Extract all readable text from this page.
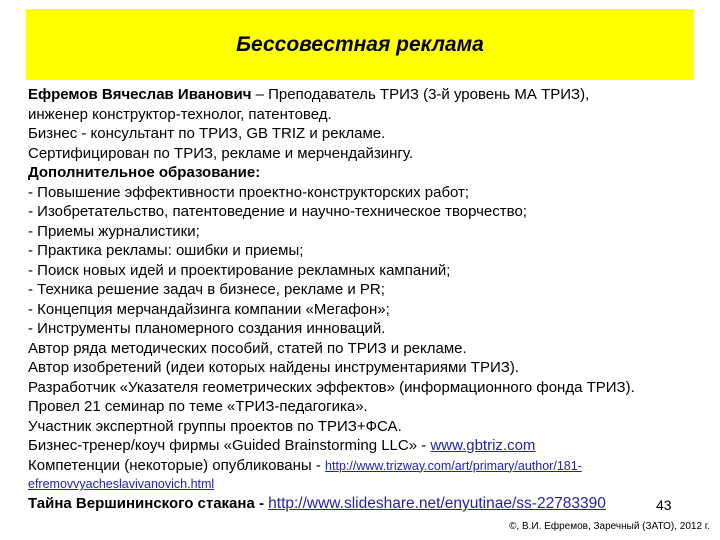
Бессовестная реклама
Ефремов Вячеслав Иванович – Преподаватель ТРИЗ (3-й уровень МА ТРИЗ),
инженер конструктор-технолог, патентовед.
Бизнес - консультант по ТРИЗ, GB TRIZ и рекламе.
Сертифицирован по ТРИЗ, рекламе и мерчендайзингу.
Дополнительное образование:
- Повышение эффективности проектно-конструкторских работ;
- Изобретательство, патентоведение и научно-техническое творчество;
- Приемы журналистики;
- Практика рекламы: ошибки и приемы;
- Поиск новых идей и проектирование рекламных кампаний;
- Техника решение задач в бизнесе, рекламе и PR;
- Концепция мерчандайзинга компании «Мегафон»;
- Инструменты планомерного создания инноваций.
Автор ряда методических пособий, статей по ТРИЗ и рекламе.
Автор изобретений (идеи которых найдены инструментариями ТРИЗ).
Разработчик «Указателя геометрических эффектов» (информационного фонда ТРИЗ).
Провел 21 семинар по теме «ТРИЗ-педагогика».
Участник экспертной группы проектов по ТРИЗ+ФСА.
Бизнес-тренер/коуч фирмы «Guided Brainstorming LLC» - www.gbtriz.com
Компетенции (некоторые) опубликованы - http://www.trizway.com/art/primary/author/181-
efremovvyacheslavivanovich.html
Тайна Вершининского стакана - http://www.slideshare.net/enyutinae/ss-22783390	43
©, В.И. Ефремов, Заречный (ЗАТО), 2012 г.
